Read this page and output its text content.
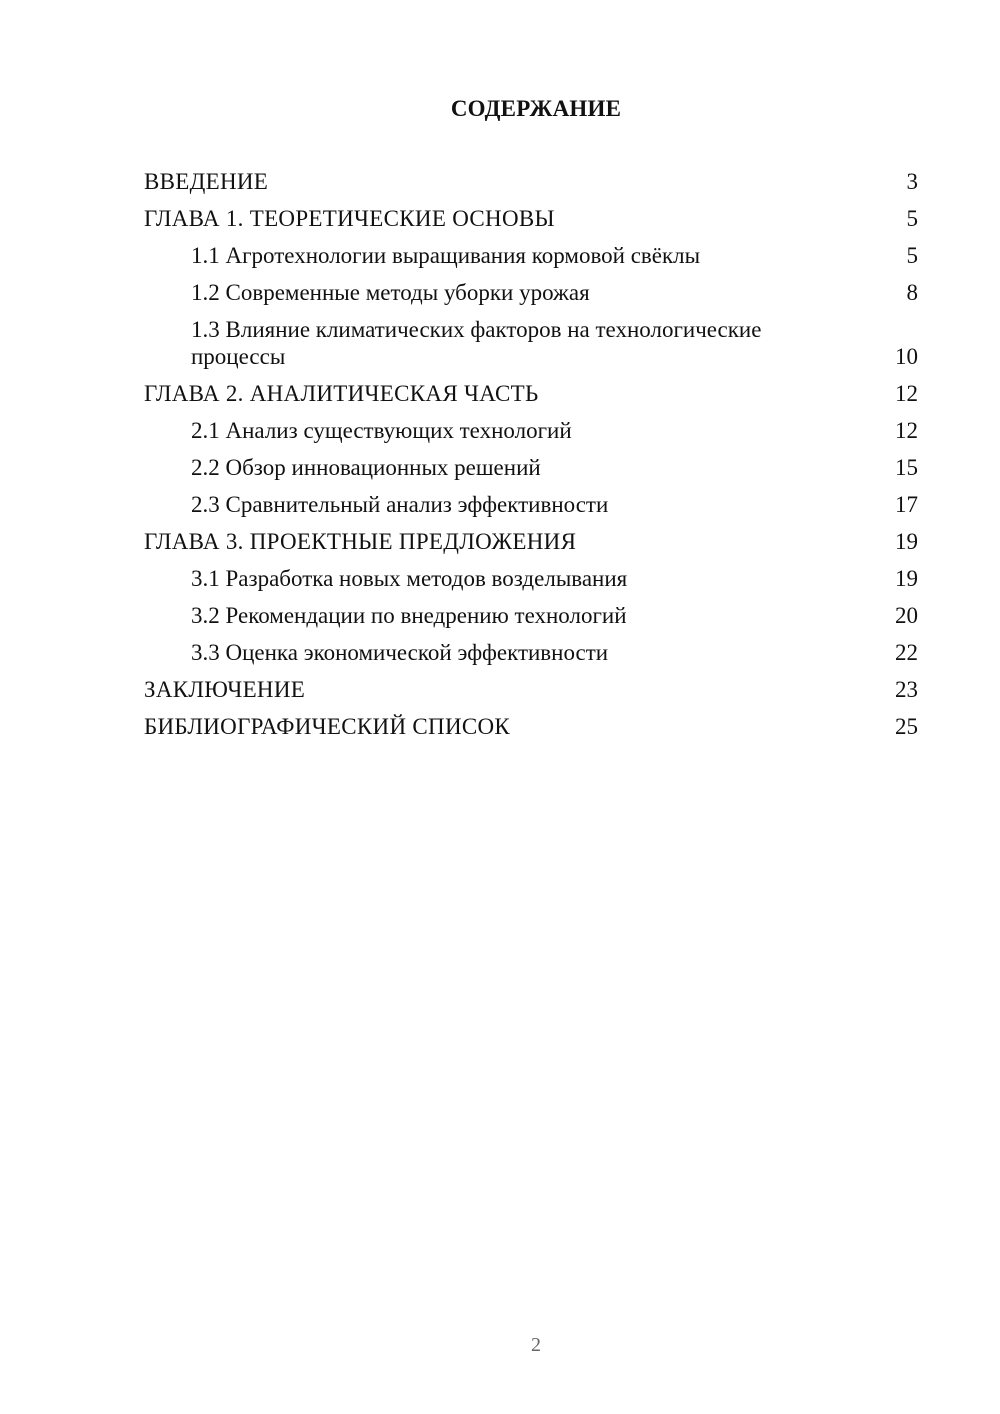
СОДЕРЖАНИЕ
ВВЕДЕНИЕ	3
ГЛАВА 1. ТЕОРЕТИЧЕСКИЕ ОСНОВЫ	5
1.1 Агротехнологии выращивания кормовой свёклы	5
1.2 Современные методы уборки урожая	8
1.3 Влияние климатических факторов на технологические процессы	10
ГЛАВА 2. АНАЛИТИЧЕСКАЯ ЧАСТЬ	12
2.1 Анализ существующих технологий	12
2.2 Обзор инновационных решений	15
2.3 Сравнительный анализ эффективности	17
ГЛАВА 3. ПРОЕКТНЫЕ ПРЕДЛОЖЕНИЯ	19
3.1 Разработка новых методов возделывания	19
3.2 Рекомендации по внедрению технологий	20
3.3 Оценка экономической эффективности	22
ЗАКЛЮЧЕНИЕ	23
БИБЛИОГРАФИЧЕСКИЙ СПИСОК	25
2
